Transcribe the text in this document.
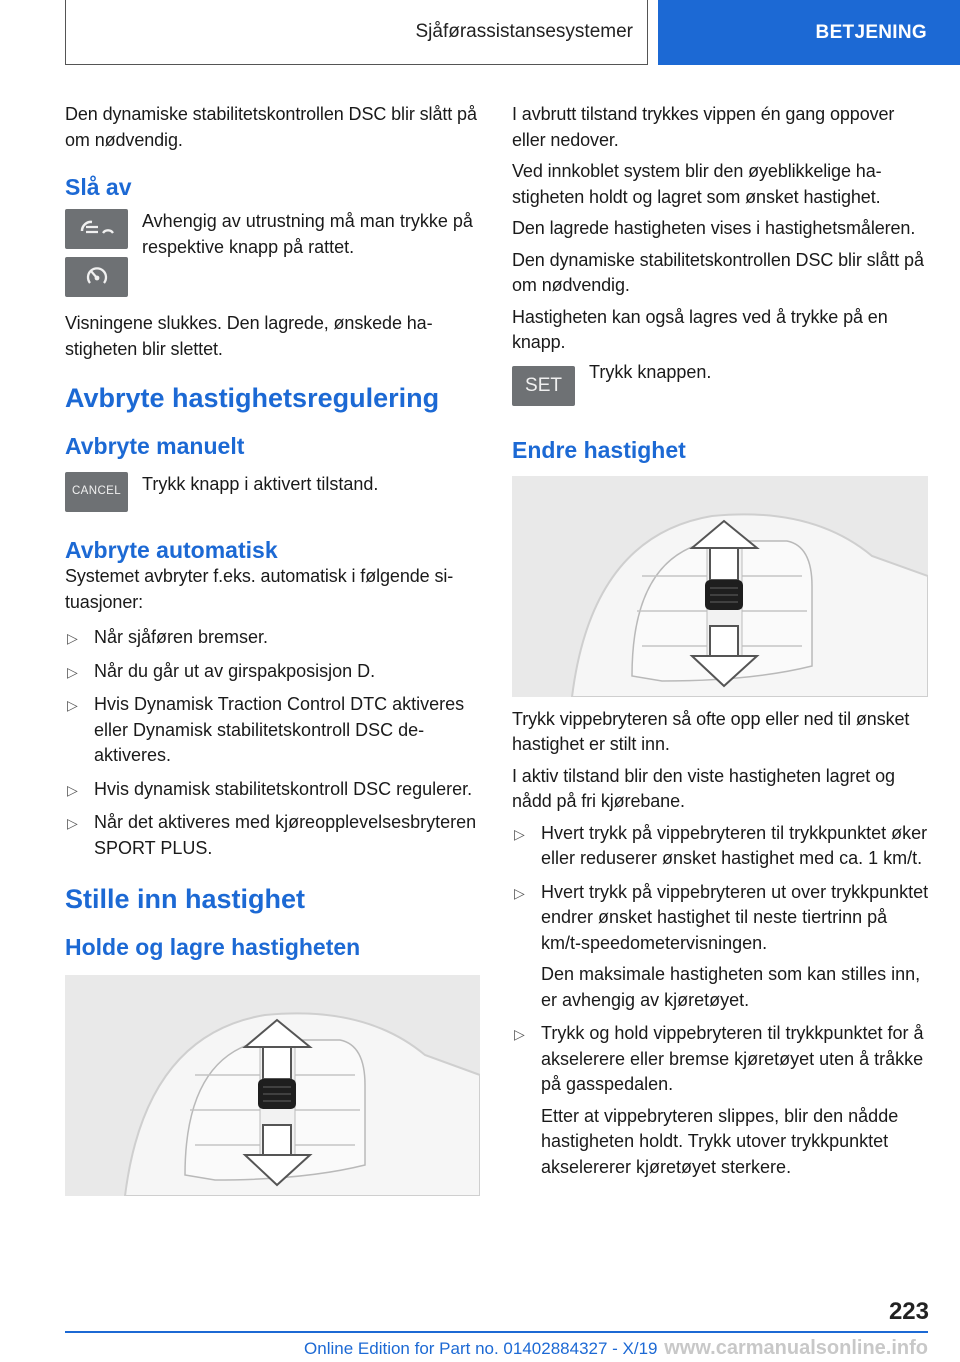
Sjåførassistansesystemer	BETJENING

Den dynamiske stabilitetskontrollen DSC blir slått på om nødvendig.

Slå av

Avhengig av utrustning må man trykke på respektive knapp på rattet.

Visningene slukkes. Den lagrede, ønskede hastigheten blir slettet.

Avbryte hastighetsregulering
Avbryte manuelt
CANCEL Trykk knapp i aktivert tilstand.

Avbryte automatisk

Systemet avbryter f.eks. automatisk i følgende situasjoner:

▷ Når sjåføren bremser.
▷ Når du går ut av girspakposisjon D.
▷ Hvis Dynamisk Traction Control DTC aktiveres eller Dynamisk stabilitetskontroll DSC deaktiveres.
▷ Hvis dynamisk stabilitetskontroll DSC regulerer.
▷ Når det aktiveres med kjøreopplevelsesbryteren SPORT PLUS.
Stille inn hastighet
Holde og lagre hastigheten

I avbrutt tilstand trykkes vippen én gang oppover eller nedover.

Ved innkoblet system blir den øyeblikkelige hastigheten holdt og lagret som ønsket hastighet.

Den lagrede hastigheten vises i hastighetsmåleren.

Den dynamiske stabilitetskontrollen DSC blir slått på om nødvendig.

Hastigheten kan også lagres ved å trykke på en knapp.

SET

Trykk knappen.

Endre hastighet

Trykk vippebryteren så ofte opp eller ned til ønsket hastighet er stilt inn.

I aktiv tilstand blir den viste hastigheten lagret og nådd på fri kjørebane.

▷ Hvert trykk på vippebryteren til trykkpunktet øker eller reduserer ønsket hastighet med ca. 1 km/t.
▷ Hvert trykk på vippebryteren ut over trykkpunktet endrer ønsket hastighet til neste tiertrinn på km/t-speedometervisningen.

Den maksimale hastigheten som kan stilles inn, er avhengig av kjøretøyet.

▷ Trykk og hold vippebryteren til trykkpunktet for å akselerere eller bremse kjøretøyet uten å tråkke på gasspedalen.

Etter at vippebryteren slippes, blir den nådde hastigheten holdt. Trykk utover trykkpunktet akselererer kjøretøyet sterkere.

223
Online Edition for Part no. 01402884327 - X/19 www.carmanualsonline.info
